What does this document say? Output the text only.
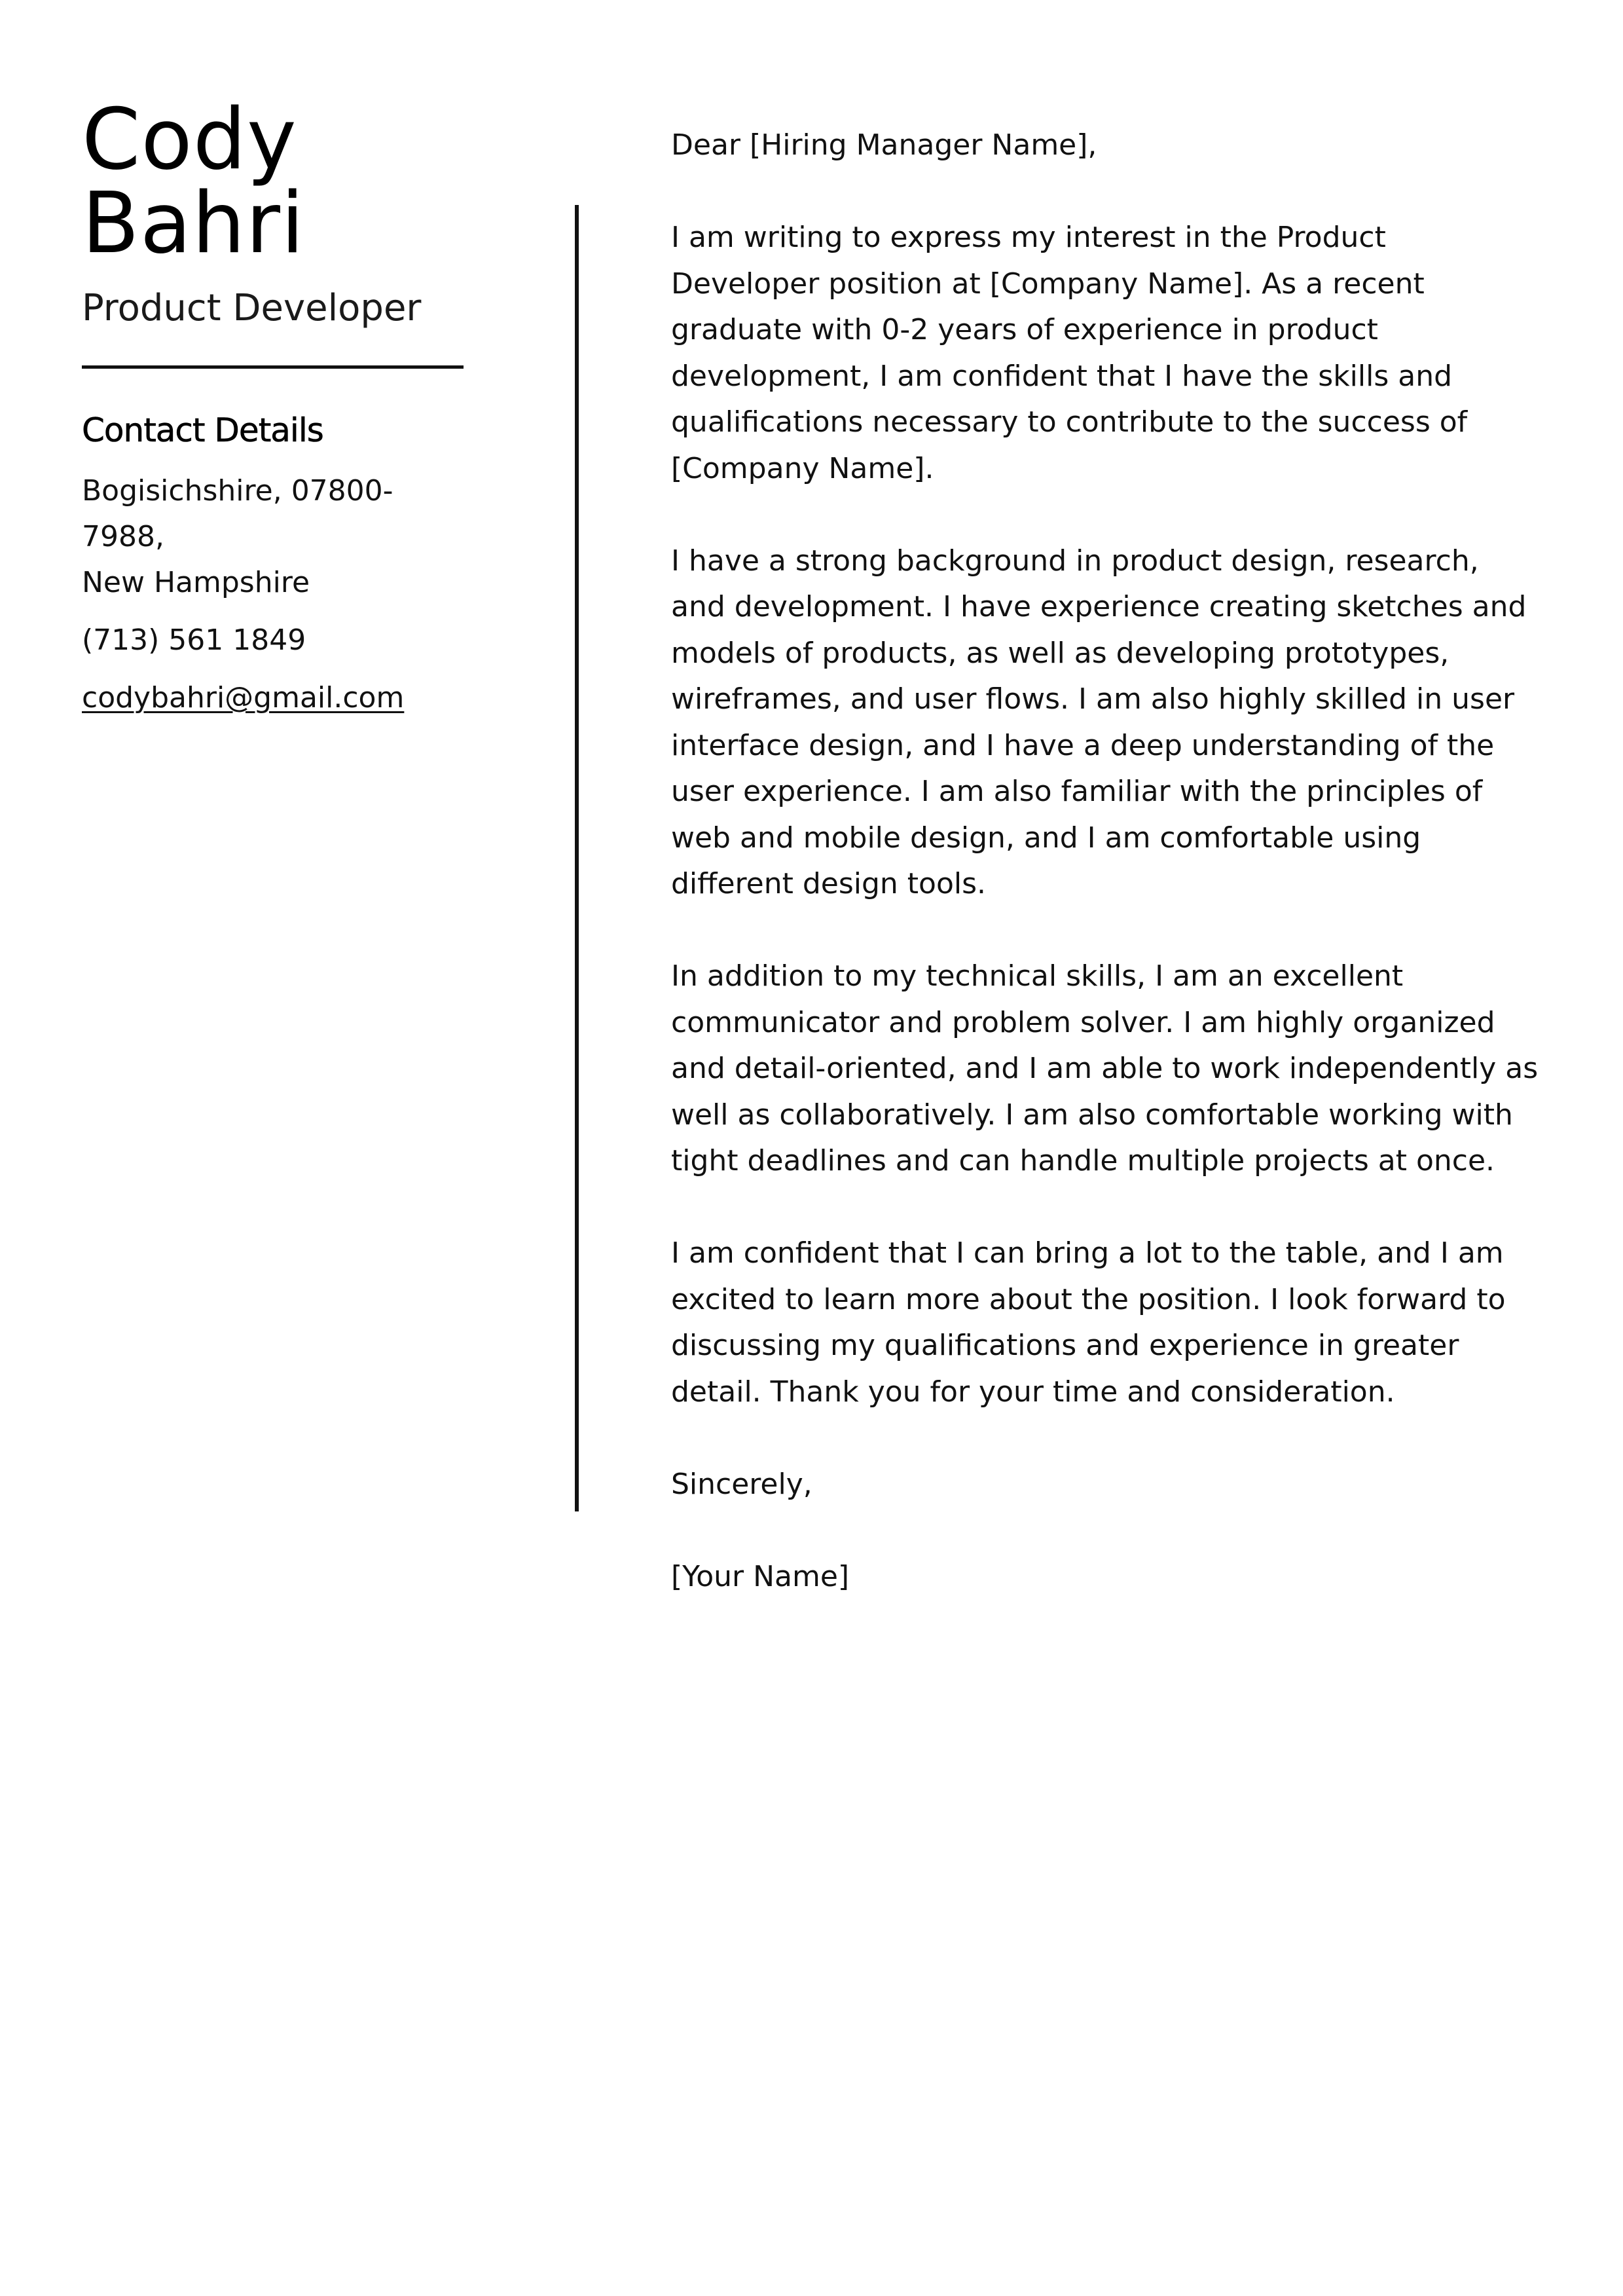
Cody
Bahri
Product Developer
Contact Details
Bogisichshire, 07800-7988,
New Hampshire
(713) 561 1849
codybahri@gmail.com

Dear [Hiring Manager Name],

I am writing to express my interest in the Product Developer position at [Company Name]. As a recent graduate with 0-2 years of experience in product development, I am confident that I have the skills and qualifications necessary to contribute to the success of [Company Name].

I have a strong background in product design, research, and development. I have experience creating sketches and models of products, as well as developing prototypes, wireframes, and user flows. I am also highly skilled in user interface design, and I have a deep understanding of the user experience. I am also familiar with the principles of web and mobile design, and I am comfortable using different design tools.

In addition to my technical skills, I am an excellent communicator and problem solver. I am highly organized and detail-oriented, and I am able to work independently as well as collaboratively. I am also comfortable working with tight deadlines and can handle multiple projects at once.

I am confident that I can bring a lot to the table, and I am excited to learn more about the position. I look forward to discussing my qualifications and experience in greater detail. Thank you for your time and consideration.

Sincerely,

[Your Name]
